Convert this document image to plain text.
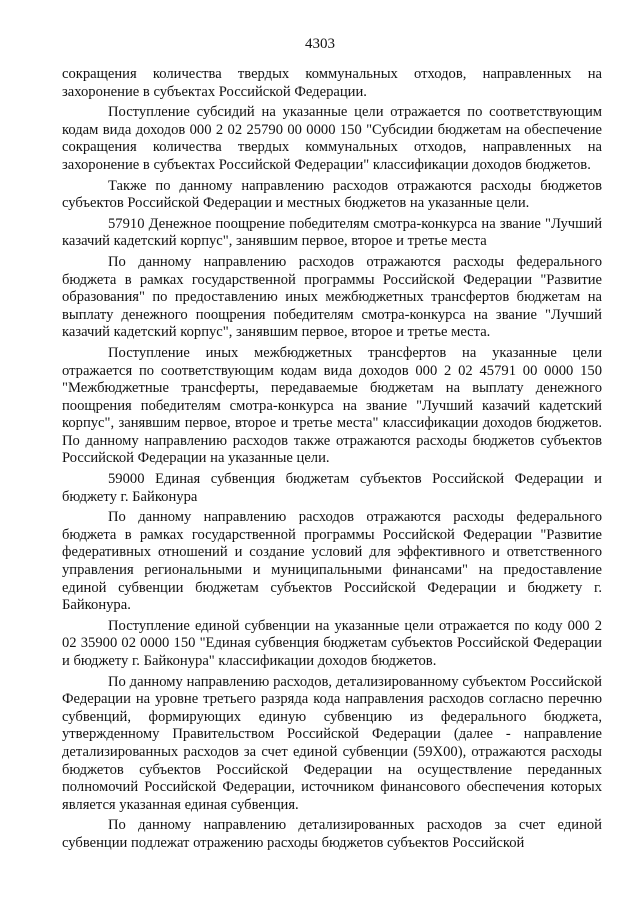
4303

сокращения количества твердых коммунальных отходов, направленных на захоронение в субъектах Российской Федерации.

Поступление субсидий на указанные цели отражается по соответствующим кодам вида доходов 000 2 02 25790 00 0000 150 "Субсидии бюджетам на обеспечение сокращения количества твердых коммунальных отходов, направленных на захоронение в субъектах Российской Федерации" классификации доходов бюджетов.

Также по данному направлению расходов отражаются расходы бюджетов субъектов Российской Федерации и местных бюджетов на указанные цели.

57910 Денежное поощрение победителям смотра-конкурса на звание "Лучший казачий кадетский корпус", занявшим первое, второе и третье места

По данному направлению расходов отражаются расходы федерального бюджета в рамках государственной программы Российской Федерации "Развитие образования" по предоставлению иных межбюджетных трансфертов бюджетам на выплату денежного поощрения победителям смотра-конкурса на звание "Лучший казачий кадетский корпус", занявшим первое, второе и третье места.

Поступление иных межбюджетных трансфертов на указанные цели отражается по соответствующим кодам вида доходов 000 2 02 45791 00 0000 150 "Межбюджетные трансферты, передаваемые бюджетам на выплату денежного поощрения победителям смотра-конкурса на звание "Лучший казачий кадетский корпус", занявшим первое, второе и третье места" классификации доходов бюджетов. По данному направлению расходов также отражаются расходы бюджетов субъектов Российской Федерации на указанные цели.

59000 Единая субвенция бюджетам субъектов Российской Федерации и бюджету г. Байконура

По данному направлению расходов отражаются расходы федерального бюджета в рамках государственной программы Российской Федерации "Развитие федеративных отношений и создание условий для эффективного и ответственного управления региональными и муниципальными финансами" на предоставление единой субвенции бюджетам субъектов Российской Федерации и бюджету г. Байконура.

Поступление единой субвенции на указанные цели отражается по коду 000 2 02 35900 02 0000 150 "Единая субвенция бюджетам субъектов Российской Федерации и бюджету г. Байконура" классификации доходов бюджетов.

По данному направлению расходов, детализированному субъектом Российской Федерации на уровне третьего разряда кода направления расходов согласно перечню субвенций, формирующих единую субвенцию из федерального бюджета, утвержденному Правительством Российской Федерации (далее - направление детализированных расходов за счет единой субвенции (59Х00), отражаются расходы бюджетов субъектов Российской Федерации на осуществление переданных полномочий Российской Федерации, источником финансового обеспечения которых является указанная единая субвенция.

По данному направлению детализированных расходов за счет единой субвенции подлежат отражению расходы бюджетов субъектов Российской
